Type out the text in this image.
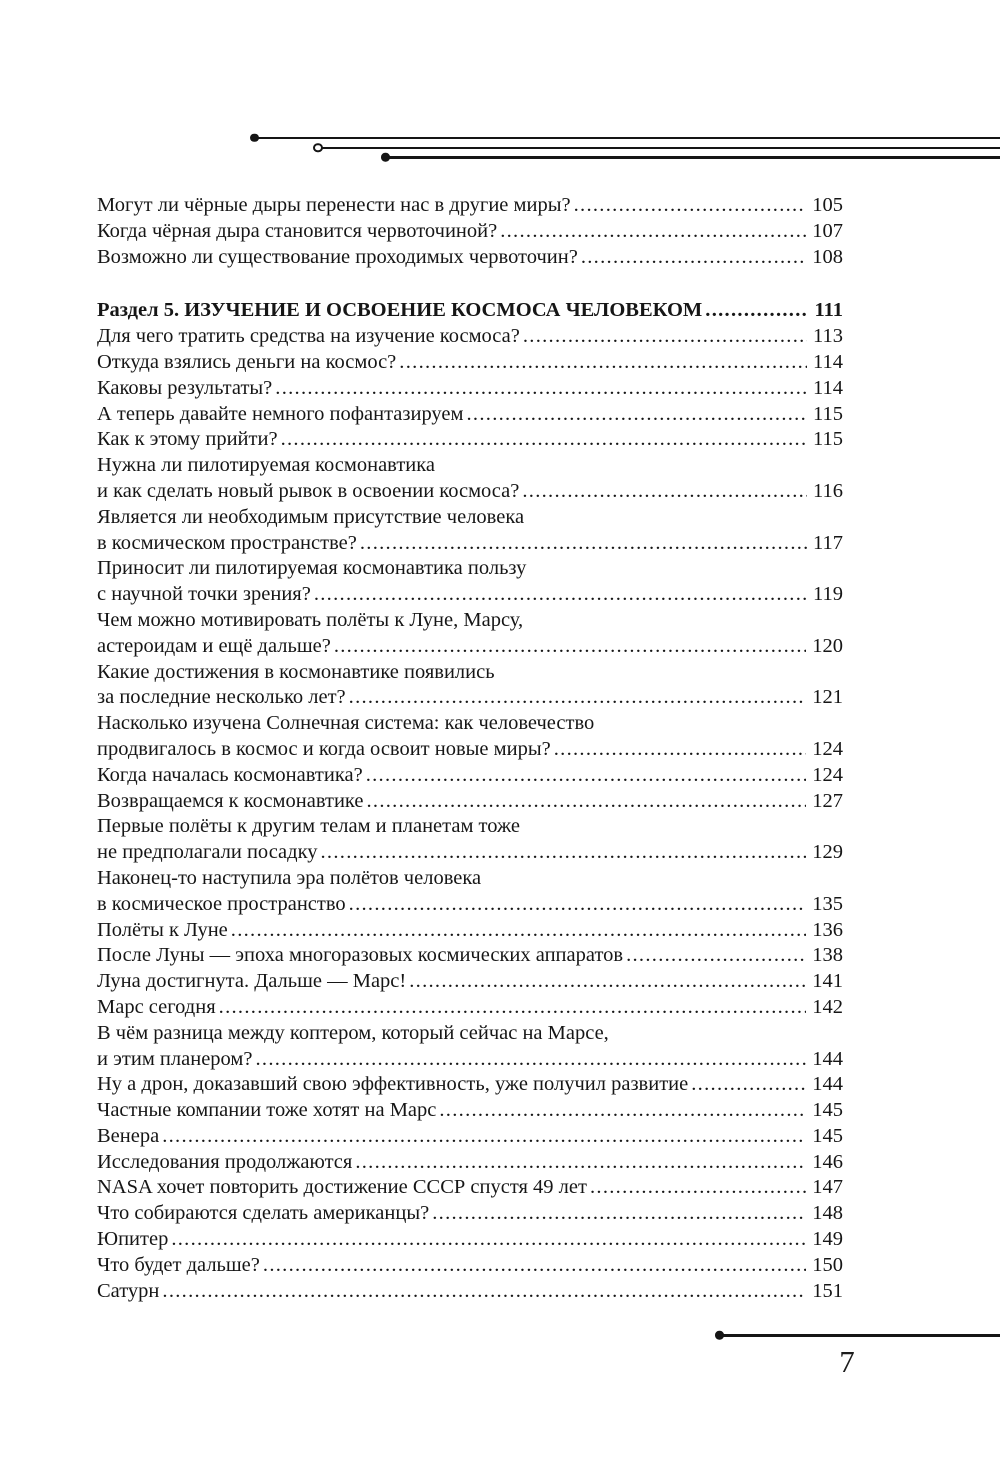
Могут ли чёрные дыры перенести нас в другие миры? .....	105
Когда чёрная дыра становится червоточиной? .....	107
Возможно ли существование проходимых червоточин? .....	108
Раздел 5. ИЗУЧЕНИЕ И ОСВОЕНИЕ КОСМОСА ЧЕЛОВЕКОМ .....	111
Для чего тратить средства на изучение космоса? .....	113
Откуда взялись деньги на космос? .....	114
Каковы результаты? .....	114
А теперь давайте немного пофантазируем .....	115
Как к этому прийти? .....	115
Нужна ли пилотируемая космонавтика
и как сделать новый рывок в освоении космоса? .....	116
Является ли необходимым присутствие человека
в космическом пространстве? .....	117
Приносит ли пилотируемая космонавтика пользу
с научной точки зрения? .....	119
Чем можно мотивировать полёты к Луне, Марсу,
астероидам и ещё дальше? .....	120
Какие достижения в космонавтике появились
за последние несколько лет? .....	121
Насколько изучена Солнечная система: как человечество
продвигалось в космос и когда освоит новые миры? .....	124
Когда началась космонавтика? .....	124
Возвращаемся к космонавтике .....	127
Первые полёты к другим телам и планетам тоже
не предполагали посадку .....	129
Наконец-то наступила эра полётов человека
в космическое пространство .....	135
Полёты к Луне .....	136
После Луны — эпоха многоразовых космических аппаратов .....	138
Луна достигнута. Дальше — Марс! .....	141
Марс сегодня .....	142
В чём разница между коптером, который сейчас на Марсе,
и этим планером? .....	144
Ну а дрон, доказавший свою эффективность, уже получил развитие .....	144
Частные компании тоже хотят на Марс .....	145
Венера .....	145
Исследования продолжаются .....	146
NASA хочет повторить достижение СССР спустя 49 лет .....	147
Что собираются сделать американцы? .....	148
Юпитер .....	149
Что будет дальше? .....	150
Сатурн .....	151
7
